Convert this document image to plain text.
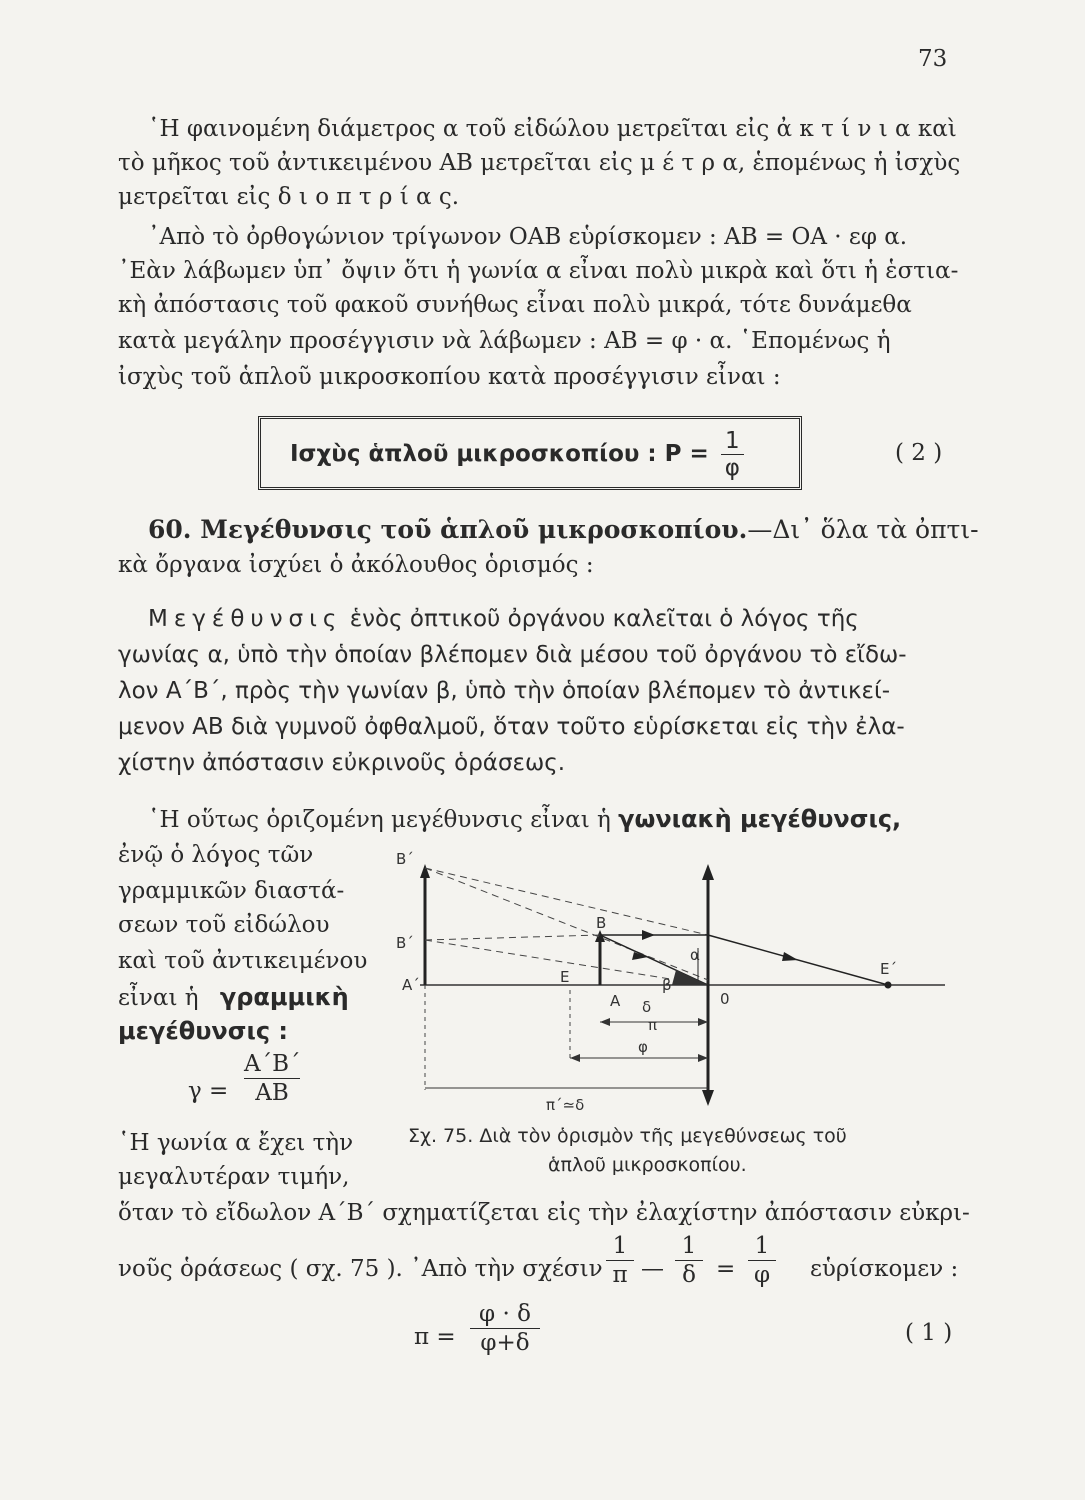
73
῾Η φαινομένη διάμετρος α τοῦ εἰδώλου μετρεῖται εἰς ἀ κ τ ί ν ι α καὶ
τὸ μῆκος τοῦ ἀντικειμένου ΑΒ μετρεῖται εἰς μ έ τ ρ α, ἑπομένως ἡ ἰσχὺς
μετρεῖται εἰς δ ι ο π τ ρ ί α ς.
᾿Απὸ τὸ ὀρθογώνιον τρίγωνον ΟΑΒ εὑρίσκομεν : ΑΒ = ΟΑ · εφ α.
᾿Εὰν λάβωμεν ὑπ᾿ ὄψιν ὅτι ἡ γωνία α εἶναι πολὺ μικρὰ καὶ ὅτι ἡ ἑστια-
κὴ ἀπόστασις τοῦ φακοῦ συνήθως εἶναι πολὺ μικρά, τότε δυνάμεθα
κατὰ μεγάλην προσέγγισιν νὰ λάβωμεν : ΑΒ = φ · α. ῾Επομένως ἡ
ἰσχὺς τοῦ ἁπλοῦ μικροσκοπίου κατὰ προσέγγισιν εἶναι :
Ισχὺς ἁπλοῦ μικροσκοπίου : $P = \frac{1}{\varphi}$	( 2 )
60. Μεγέθυνσις τοῦ ἁπλοῦ μικροσκοπίου.—Δι᾿ ὅλα τὰ ὀπτι-
κὰ ὄργανα ἰσχύει ὁ ἀκόλουθος ὁρισμός :
Μεγέθυνσις ἑνὸς ὀπτικοῦ ὀργάνου καλεῖται ὁ λόγος τῆς
γωνίας α, ὑπὸ τὴν ὁποίαν βλέπομεν διὰ μέσου τοῦ ὀργάνου τὸ εἴδω-
λον Α΄Β΄, πρὸς τὴν γωνίαν β, ὑπὸ τὴν ὁποίαν βλέπομεν τὸ ἀντικεί-
μενον ΑΒ διὰ γυμνοῦ ὀφθαλμοῦ, ὅταν τοῦτο εὑρίσκεται εἰς τὴν ἐλα-
χίστην ἀπόστασιν εὐκρινοῦς ὁράσεως.
῾Η οὕτως ὁριζομένη μεγέθυνσις εἶναι ἡ γωνιακὴ μεγέθυνσις,
ἐνῷ ὁ λόγος τῶν
γραμμικῶν διαστά-
σεων τοῦ εἰδώλου
καὶ τοῦ ἀντικειμένου
εἶναι ἡ γραμμικὴ
μεγέθυνσις :
$\gamma = \frac{A΄B΄}{AB}$
῾Η γωνία α ἔχει τὴν
μεγαλυτέραν τιμήν,
B΄
B΄
A΄
B
E
A δ
π
φ
α
β
0
E΄
π΄≃δ
Σχ. 75. Διὰ τὸν ὁρισμὸν τῆς μεγεθύνσεως τοῦ
ἁπλοῦ μικροσκοπίου.
ὅταν τὸ εἴδωλον Α΄Β΄ σχηματίζεται εἰς τὴν ἐλαχίστην ἀπόστασιν εὐκρι-
νοῦς ὁράσεως ( σχ. 75 ). ᾿Απὸ τὴν σχέσιν $\frac{1}{\pi}$ — $\frac{1}{\delta} = \frac{1}{\varphi}$ εὑρίσκομεν :
$\pi = \frac{\varphi \cdot \delta}{\varphi+\delta}$	( 1 )
